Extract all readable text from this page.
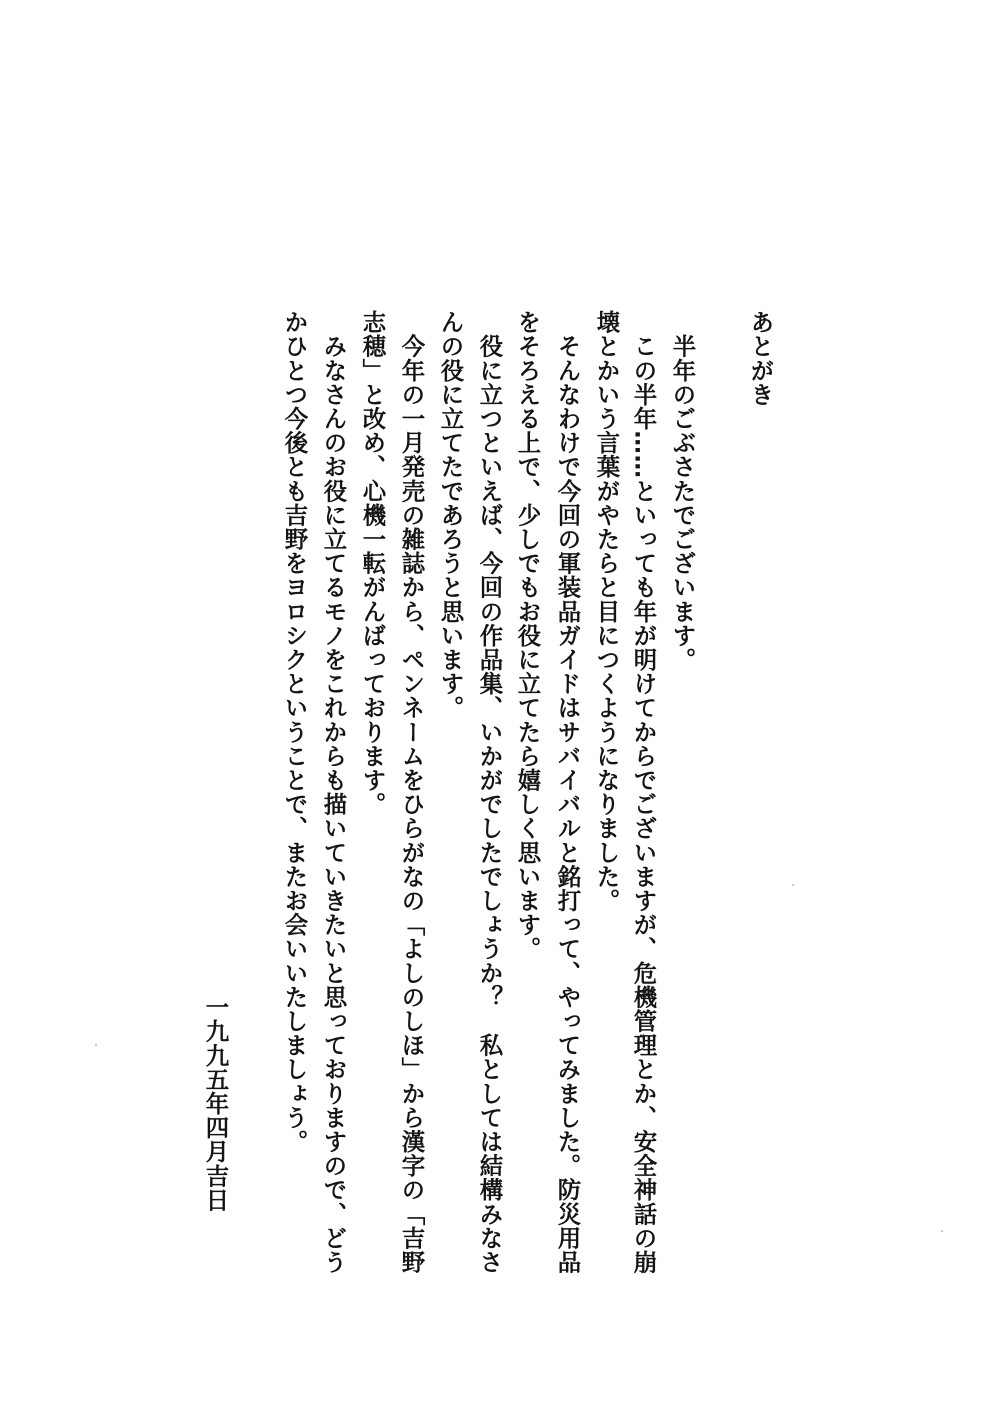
あとがき
　半年のごぶさたでございます。
　この半年……といっても年が明けてからでございますが、危機管理とか、安全神話の崩
壊とかいう言葉がやたらと目につくようになりました。
　そんなわけで今回の軍装品ガイドはサバイバルと銘打って、やってみました。防災用品
をそろえる上で、少しでもお役に立てたら嬉しく思います。
　役に立つといえば、今回の作品集、いかがでしたでしょうか？　私としては結構みなさ
んの役に立てたであろうと思います。
　今年の一月発売の雑誌から、ペンネームをひらがなの「よしのしほ」から漢字の「吉野
志穂」と改め、心機一転がんばっております。
　みなさんのお役に立てるモノをこれからも描いていきたいと思っておりますので、どう
かひとつ今後とも吉野をヨロシクということで、またお会いいたしましょう。
一九九五年四月吉日
